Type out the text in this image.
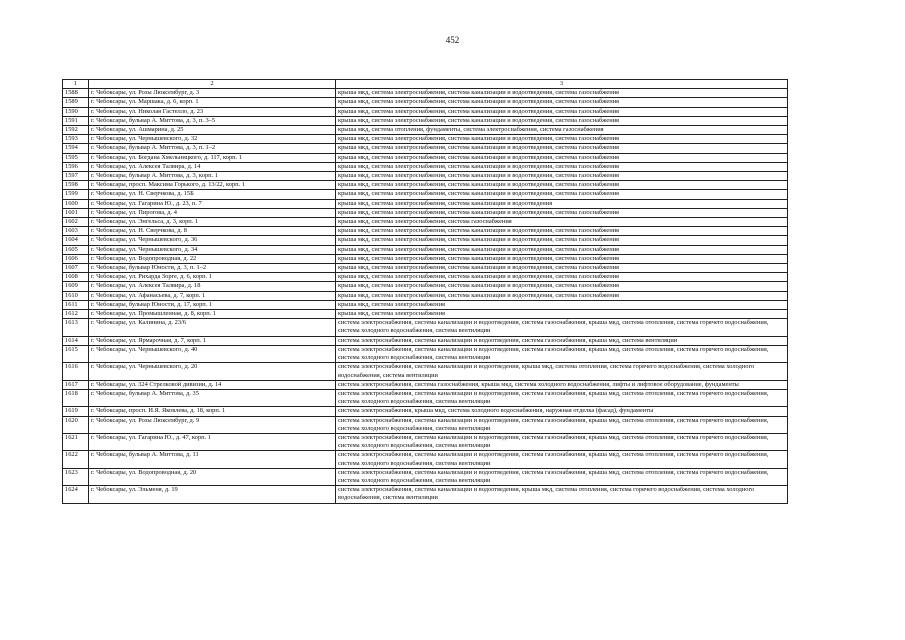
452
1	2	3
1588	г. Чебоксары, ул. Розы Люксембург, д. 3	крыша мкд, система электроснабжения, система канализации и водоотведения, система газоснабжения
1589	г. Чебоксары, ул. Маршака, д. 6, корп. 1	крыша мкд, система электроснабжения, система канализации и водоотведения, система газоснабжения
1590	г. Чебоксары, ул. Николая Гастелло, д. 23	крыша мкд, система электроснабжения, система канализации и водоотведения, система газоснабжения
1591	г. Чебоксары, бульвар А. Миттова, д. 3, п. 3–5	крыша мкд, система электроснабжения, система канализации и водоотведения, система газоснабжения
1592	г. Чебоксары, ул. Ашмарина, д. 25	крыша мкд, система отопления, фундаменты, система электроснабжения, система газоснабжения
1593	г. Чебоксары, ул. Чернышевского, д. 32	крыша мкд, система электроснабжения, система канализации и водоотведения, система газоснабжения
1594	г. Чебоксары, бульвар А. Миттова, д. 3, п. 1–2	крыша мкд, система электроснабжения, система канализации и водоотведения, система газоснабжения
1595	г. Чебоксары, ул. Богдана Хмельницкого, д. 117, корп. 1	крыша мкд, система электроснабжения, система канализации и водоотведения, система газоснабжения
1596	г. Чебоксары, ул. Алексея Талвира, д. 14	крыша мкд, система электроснабжения, система канализации и водоотведения, система газоснабжения
1597	г. Чебоксары, бульвар А. Миттова, д. 3, корп. 1	крыша мкд, система электроснабжения, система канализации и водоотведения, система газоснабжения
1598	г. Чебоксары, просп. Максима Горького, д. 13/22, корп. 1	крыша мкд, система электроснабжения, система канализации и водоотведения, система газоснабжения
1599	г. Чебоксары, ул. Н. Сверчкова, д. 15Б	крыша мкд, система электроснабжения, система канализации и водоотведения, система газоснабжения
1600	г. Чебоксары, ул. Гагарина Ю., д. 23, п. 7	крыша мкд, система электроснабжения, система канализации и водоотведения
1601	г. Чебоксары, ул. Пирогова, д. 4	крыша мкд, система электроснабжения, система канализации и водоотведения, система газоснабжения
1602	г. Чебоксары, ул. Энгельса, д. 3, корп. 1	крыша мкд, система электроснабжения, система газоснабжения
1603	г. Чебоксары, ул. Н. Сверчкова, д. 8	крыша мкд, система электроснабжения, система канализации и водоотведения, система газоснабжения
1604	г. Чебоксары, ул. Чернышевского, д. 36	крыша мкд, система электроснабжения, система канализации и водоотведения, система газоснабжения
1605	г. Чебоксары, ул. Чернышевского, д. 34	крыша мкд, система электроснабжения, система канализации и водоотведения, система газоснабжения
1606	г. Чебоксары, ул. Водопроводная, д. 22	крыша мкд, система электроснабжения, система канализации и водоотведения, система газоснабжения
1607	г. Чебоксары, бульвар Юности, д. 3, п. 1–2	крыша мкд, система электроснабжения, система канализации и водоотведения, система газоснабжения
1608	г. Чебоксары, ул. Рихарда Зорге, д. 6, корп. 1	крыша мкд, система электроснабжения, система канализации и водоотведения, система газоснабжения
1609	г. Чебоксары, ул. Алексея Талвира, д. 18	крыша мкд, система электроснабжения, система канализации и водоотведения, система газоснабжения
1610	г. Чебоксары, ул. Афанасьева, д. 7, корп. 1	крыша мкд, система электроснабжения, система канализации и водоотведения, система газоснабжения
1611	г. Чебоксары, бульвар Юности, д. 17, корп. 1	крыша мкд, система электроснабжения
1612	г. Чебоксары, ул. Промышленная, д. 8, корп. 1	крыша мкд, система электроснабжения
1613	г. Чебоксары, ул. Калинина, д. 23/6	система электроснабжения, система канализации и водоотведения, система газоснабжения, крыша мкд, система отопления, система горячего водоснабжения, система холодного водоснабжения, система вентиляции
1614	г. Чебоксары, ул. Ярмарочная, д. 7, корп. 1	система электроснабжения, система канализации и водоотведения, система газоснабжения, крыша мкд, система вентиляции
1615	г. Чебоксары, ул. Чернышевского, д. 40	система электроснабжения, система канализации и водоотведения, система газоснабжения, крыша мкд, система отопления, система горячего водоснабжения, система холодного водоснабжения, система вентиляции
1616	г. Чебоксары, ул. Чернышевского, д. 20	система электроснабжения, система канализации и водоотведения, крыша мкд, система отопления, система горячего водоснабжения, система холодного водоснабжения, система вентиляции
1617	г. Чебоксары, ул. 324 Стрелковой дивизии, д. 14	система электроснабжения, система газоснабжения, крыша мкд, система холодного водоснабжения, лифты и лифтовое оборудование, фундаменты
1618	г. Чебоксары, бульвар А. Миттова, д. 35	система электроснабжения, система канализации и водоотведения, система газоснабжения, крыша мкд, система отопления, система горячего водоснабжения, система холодного водоснабжения, система вентиляции
1619	г. Чебоксары, просп. И.Я. Яковлева, д. 18, корп. 1	система электроснабжения, крыша мкд, система холодного водоснабжения, наружная отделка (фасад), фундаменты
1620	г. Чебоксары, ул. Розы Люксембург, д. 9	система электроснабжения, система канализации и водоотведения, система газоснабжения, крыша мкд, система отопления, система горячего водоснабжения, система холодного водоснабжения, система вентиляции
1621	г. Чебоксары, ул. Гагарина Ю., д. 47, корп. 1	система электроснабжения, система канализации и водоотведения, система газоснабжения, крыша мкд, система отопления, система горячего водоснабжения, система холодного водоснабжения, система вентиляции
1622	г. Чебоксары, бульвар А. Миттова, д. 11	система электроснабжения, система канализации и водоотведения, система газоснабжения, крыша мкд, система отопления, система горячего водоснабжения, система холодного водоснабжения, система вентиляции
1623	г. Чебоксары, ул. Водопроводная, д. 20	система электроснабжения, система канализации и водоотведения, система газоснабжения, крыша мкд, система отопления, система горячего водоснабжения, система холодного водоснабжения, система вентиляции
1624	г. Чебоксары, ул. Эльменя, д. 19	система электроснабжения, система канализации и водоотведения, крыша мкд, система отопления, система горячего водоснабжения, система холодного водоснабжения, система вентиляции
